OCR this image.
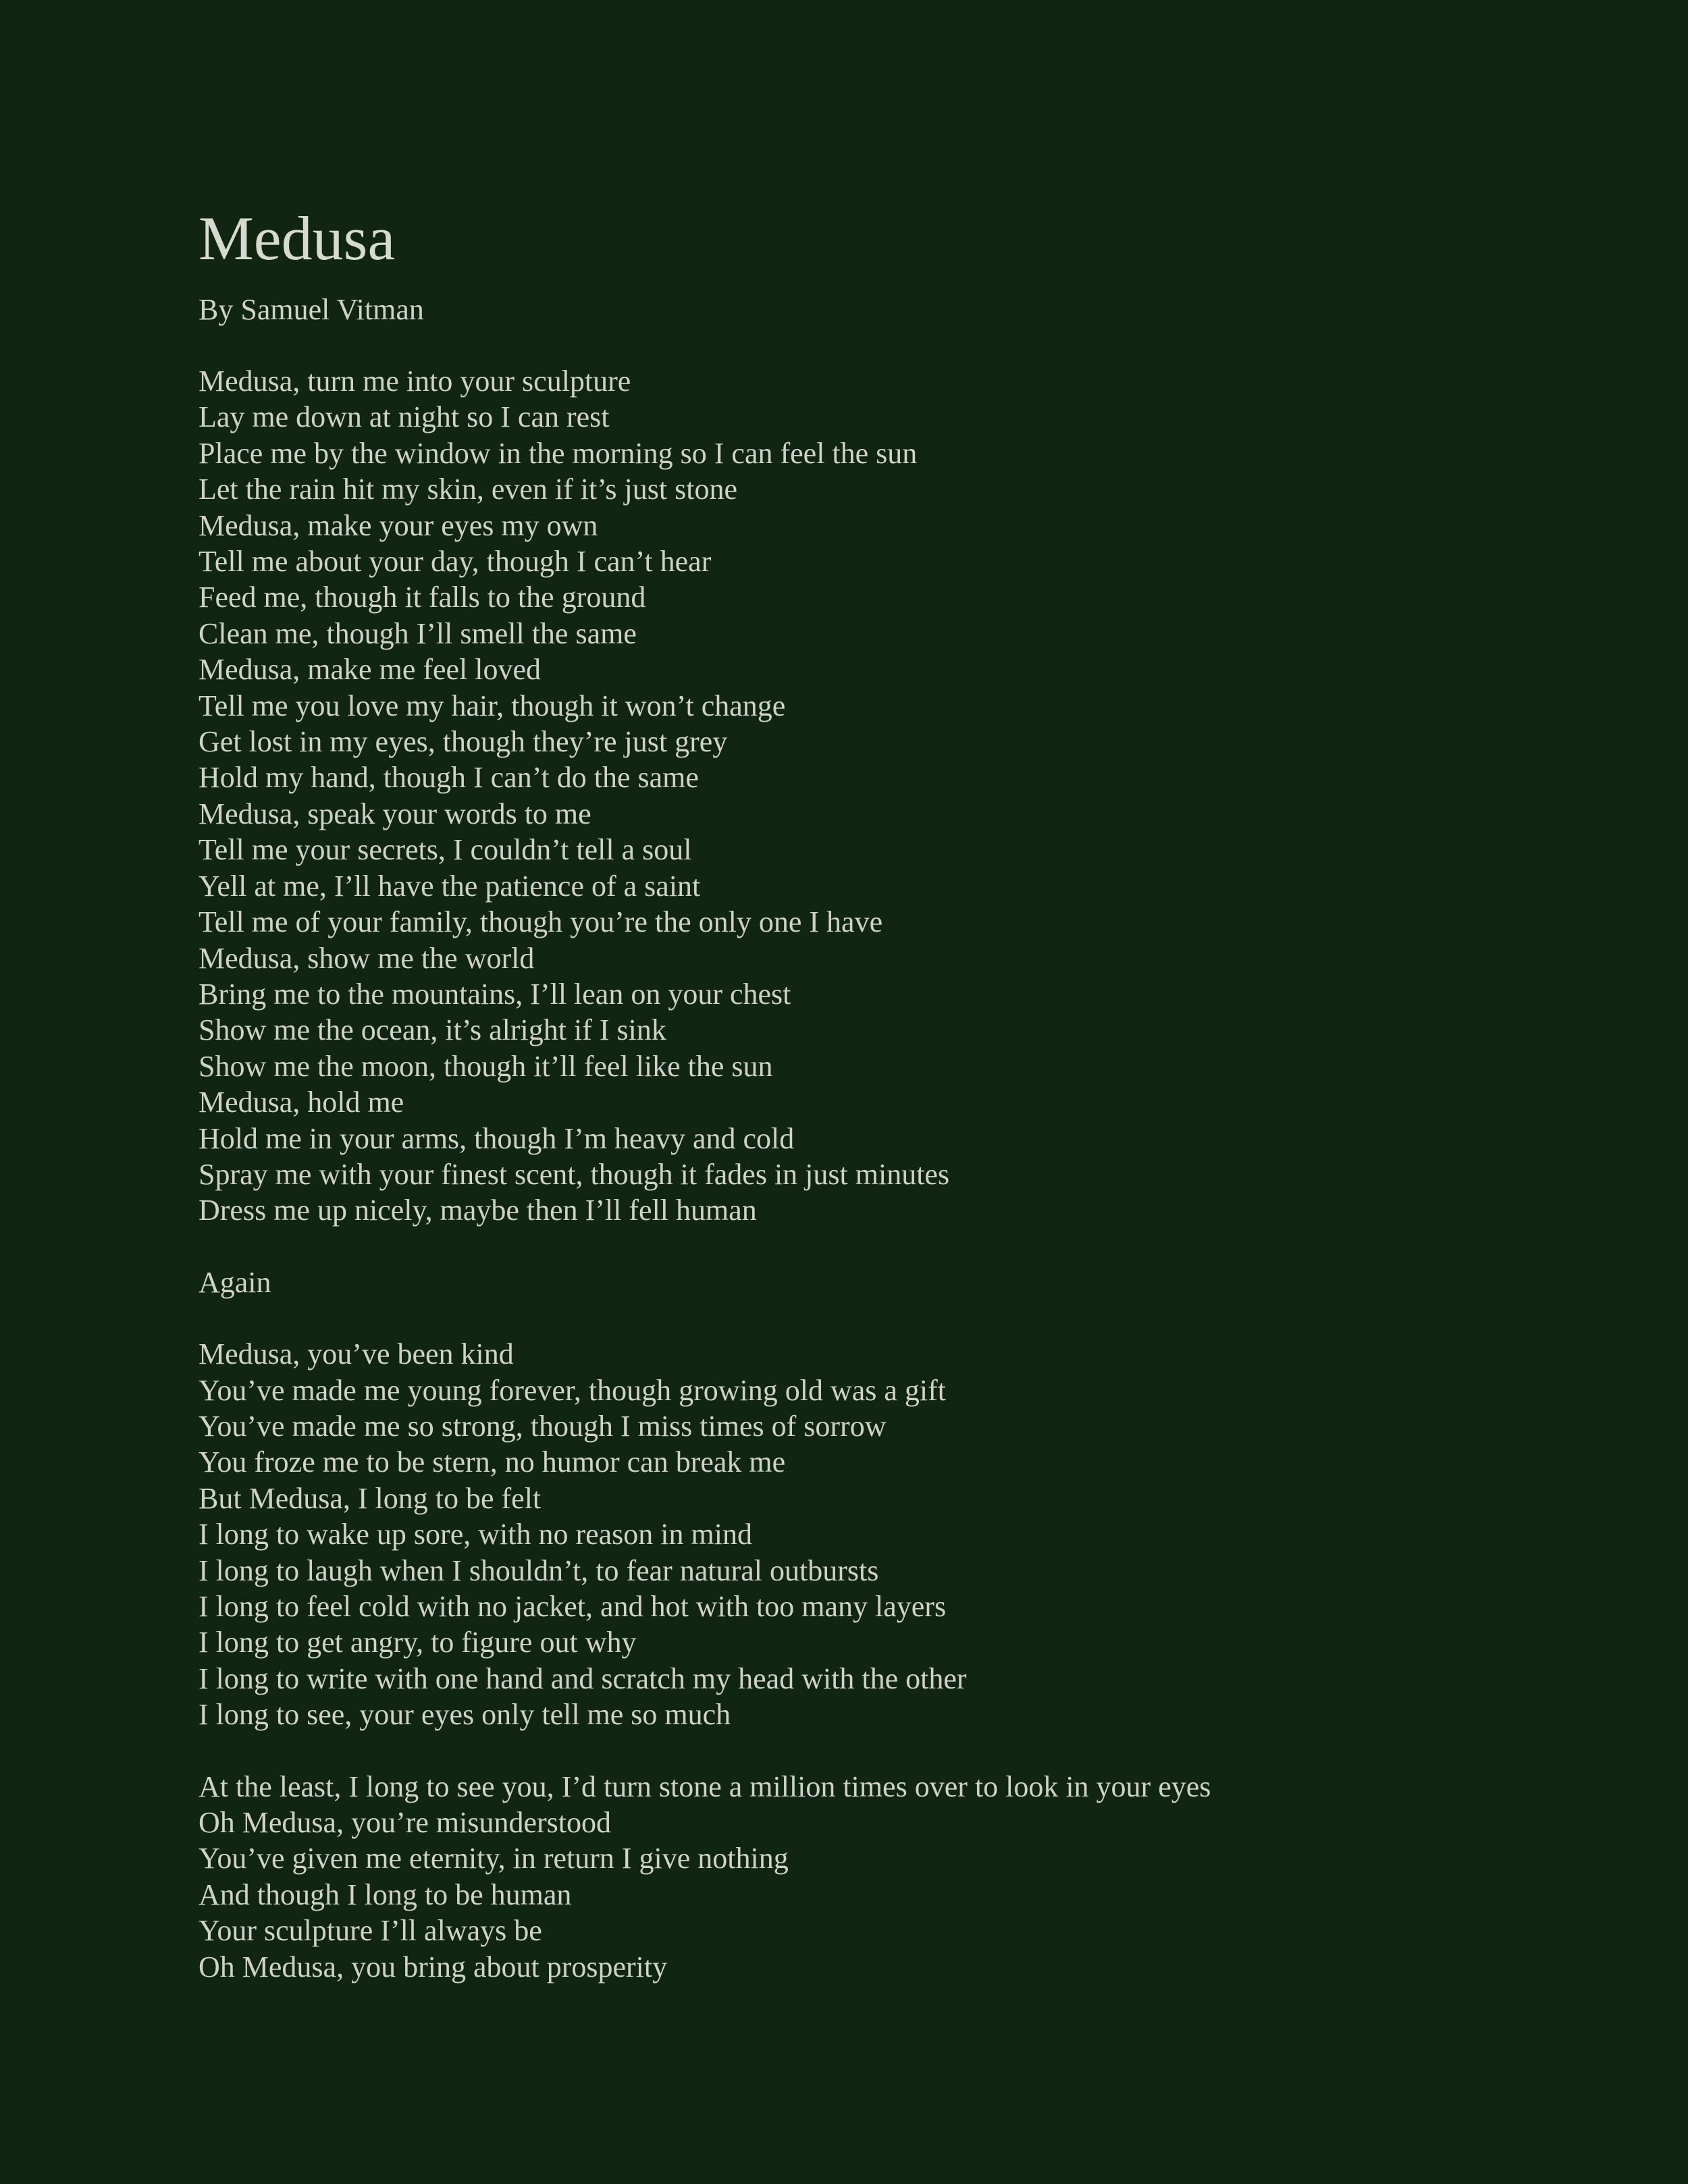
Medusa

By Samuel Vitman

Medusa, turn me into your sculpture
Lay me down at night so I can rest
Place me by the window in the morning so I can feel the sun
Let the rain hit my skin, even if it’s just stone
Medusa, make your eyes my own
Tell me about your day, though I can’t hear
Feed me, though it falls to the ground
Clean me, though I’ll smell the same
Medusa, make me feel loved
Tell me you love my hair, though it won’t change
Get lost in my eyes, though they’re just grey
Hold my hand, though I can’t do the same
Medusa, speak your words to me
Tell me your secrets, I couldn’t tell a soul
Yell at me, I’ll have the patience of a saint
Tell me of your family, though you’re the only one I have
Medusa, show me the world
Bring me to the mountains, I’ll lean on your chest
Show me the ocean, it’s alright if I sink
Show me the moon, though it’ll feel like the sun
Medusa, hold me
Hold me in your arms, though I’m heavy and cold
Spray me with your finest scent, though it fades in just minutes
Dress me up nicely, maybe then I’ll fell human
Again
Medusa, you’ve been kind
You’ve made me young forever, though growing old was a gift
You’ve made me so strong, though I miss times of sorrow
You froze me to be stern, no humor can break me
But Medusa, I long to be felt
I long to wake up sore, with no reason in mind
I long to laugh when I shouldn’t, to fear natural outbursts
I long to feel cold with no jacket, and hot with too many layers
I long to get angry, to figure out why
I long to write with one hand and scratch my head with the other
I long to see, your eyes only tell me so much
At the least, I long to see you, I’d turn stone a million times over to look in your eyes
Oh Medusa, you’re misunderstood
You’ve given me eternity, in return I give nothing
And though I long to be human
Your sculpture I’ll always be
Oh Medusa, you bring about prosperity
